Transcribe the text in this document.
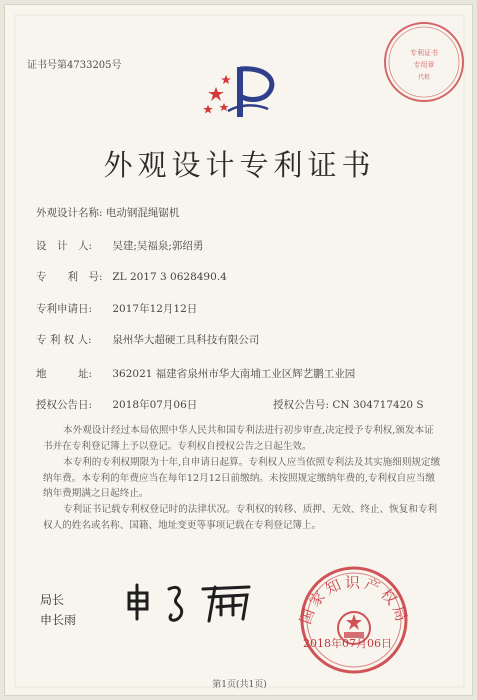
证书号第4733205号
专利证书
专用章
代租
外观设计专利证书
外观设计名称: 电动钢混绳锯机
设　计　人: 吴建;吴福泉;郭绍勇
专　　利　号: ZL 2017 3 0628490.4
专利申请日: 2017年12月12日
专 利 权 人: 泉州华大超硬工具科技有限公司
地　　　址: 362021 福建省泉州市华大南埔工业区辉艺鹏工业园
授权公告日: 2018年07月06日	授权公告号: CN 304717420 S
本外观设计经过本局依照中华人民共和国专利法进行初步审查,决定授予专利权,颁发本证书并在专利登记簿上予以登记。专利权自授权公告之日起生效。
本专利的专利权期限为十年,自申请日起算。专利权人应当依照专利法及其实施细则规定缴纳年费。本专利的年费应当在每年12月12日前缴纳。未按照规定缴纳年费的,专利权自应当缴纳年费期满之日起终止。
专利证书记载专利权登记时的法律状况。专利权的转移、质押、无效、终止、恢复和专利权人的姓名或名称、国籍、地址变更等事项记载在专利登记簿上。
局长
申长雨	国家知识产权局
2018年07月06日
第1页(共1页)
